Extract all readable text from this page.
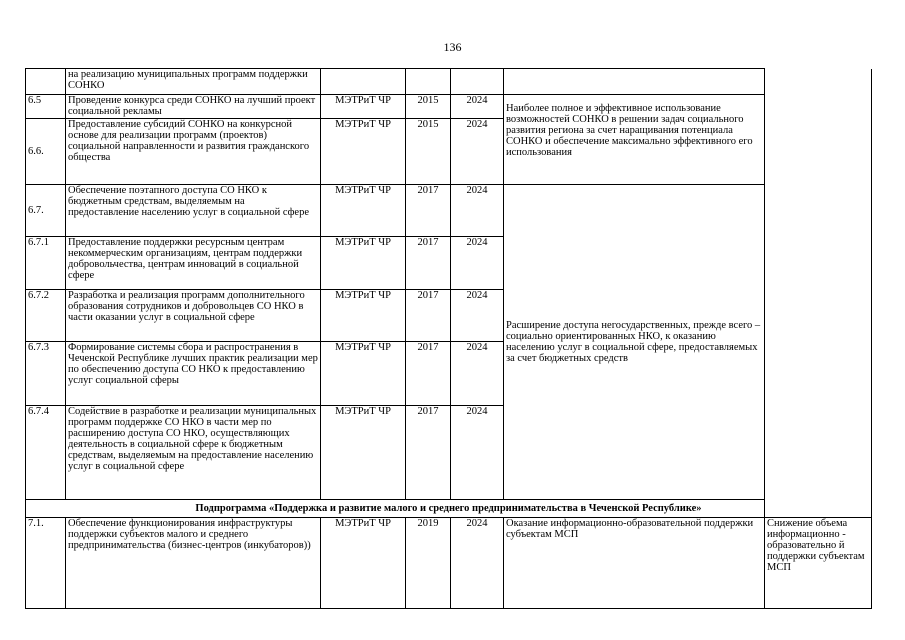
136
	на реализацию муниципальных программ поддержки СОНКО					
6.5	Проведение конкурса среди СОНКО на лучший проект социальной рекламы	МЭТРиТ ЧР	2015	2024	Наиболее полное и эффективное использование возможностей СОНКО в решении задач социального развития региона за счет наращивания потенциала СОНКО и обеспечение максимально эффективного его использования	
6.6.	Предоставление субсидий СОНКО на конкурсной основе для реализации программ (проектов) социальной направленности и развития гражданского общества	МЭТРиТ ЧР	2015	2024		
6.7.	Обеспечение поэтапного доступа СО НКО к бюджетным средствам, выделяемым на предоставление населению услуг в социальной сфере	МЭТРиТ ЧР	2017	2024	Расширение доступа негосударственных, прежде всего – социально ориентированных НКО, к оказанию населению услуг в социальной сфере, предоставляемых за счет бюджетных средств	
6.7.1	Предоставление поддержки ресурсным центрам некоммерческим организациям, центрам поддержки добровольчества, центрам инноваций в социальной сфере	МЭТРиТ ЧР	2017	2024		
6.7.2	Разработка и реализация программ дополнительного образования сотрудников и добровольцев СО НКО в части оказании услуг в социальной сфере	МЭТРиТ ЧР	2017	2024		
6.7.3	Формирование системы сбора и распространения в Чеченской Республике лучших практик реализации мер по обеспечению доступа СО НКО к предоставлению услуг социальной сферы	МЭТРиТ ЧР	2017	2024		
6.7.4	Содействие в разработке и реализации муниципальных программ поддержке СО НКО в части мер по расширению доступа СО НКО, осуществляющих деятельность в социальной сфере к бюджетным средствам, выделяемым на предоставление населению услуг в социальной сфере	МЭТРиТ ЧР	2017	2024		
Подпрограмма «Поддержка и развитие малого и среднего предпринимательства в Чеченской Республике»						
7.1.	Обеспечение функционирования инфраструктуры поддержки субъектов малого и среднего предпринимательства (бизнес-центров (инкубаторов))	МЭТРиТ ЧР	2019	2024	Оказание информационно-образовательной поддержки субъектам МСП	Снижение объема информационно - образовательно й поддержки субъектам МСП
